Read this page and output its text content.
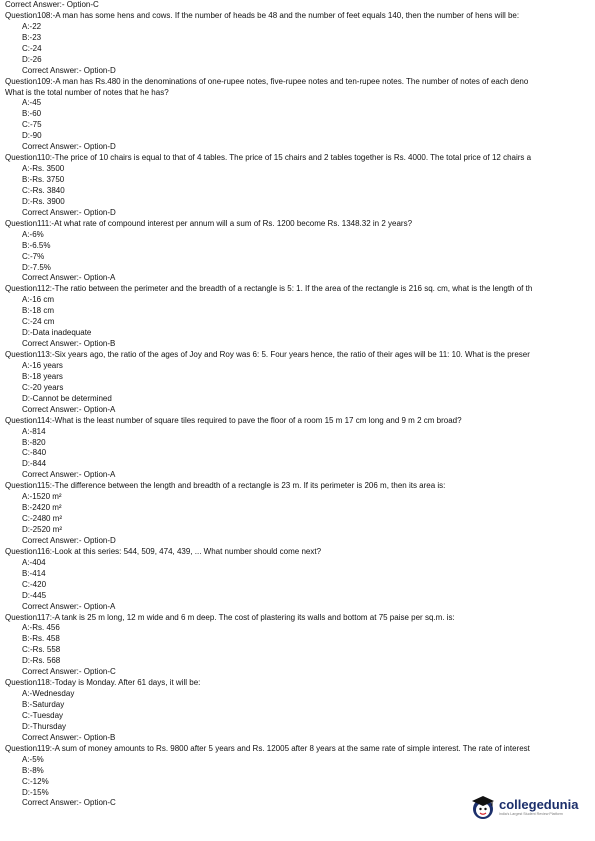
Correct Answer:- Option-C
Question108:-A man has some hens and cows. If the number of heads be 48 and the number of feet equals 140, then the number of hens will be:
A:-22
B:-23
C:-24
D:-26
Correct Answer:- Option-D
Question109:-A man has Rs.480 in the denominations of one-rupee notes, five-rupee notes and ten-rupee notes. The number of notes of each deno
What is the total number of notes that he has?
A:-45
B:-60
C:-75
D:-90
Correct Answer:- Option-D
Question110:-The price of 10 chairs is equal to that of 4 tables. The price of 15 chairs and 2 tables together is Rs. 4000. The total price of 12 chairs a
A:-Rs. 3500
B:-Rs. 3750
C:-Rs. 3840
D:-Rs. 3900
Correct Answer:- Option-D
Question111:-At what rate of compound interest per annum will a sum of Rs. 1200 become Rs. 1348.32 in 2 years?
A:-6%
B:-6.5%
C:-7%
D:-7.5%
Correct Answer:- Option-A
Question112:-The ratio between the perimeter and the breadth of a rectangle is 5: 1. If the area of the rectangle is 216 sq. cm, what is the length of th
A:-16 cm
B:-18 cm
C:-24 cm
D:-Data inadequate
Correct Answer:- Option-B
Question113:-Six years ago, the ratio of the ages of Joy and Roy was 6: 5. Four years hence, the ratio of their ages will be 11: 10. What is the preser
A:-16 years
B:-18 years
C:-20 years
D:-Cannot be determined
Correct Answer:- Option-A
Question114:-What is the least number of square tiles required to pave the floor of a room 15 m 17 cm long and 9 m 2 cm broad?
A:-814
B:-820
C:-840
D:-844
Correct Answer:- Option-A
Question115:-The difference between the length and breadth of a rectangle is 23 m. If its perimeter is 206 m, then its area is:
A:-1520 m²
B:-2420 m²
C:-2480 m²
D:-2520 m²
Correct Answer:- Option-D
Question116:-Look at this series: 544, 509, 474, 439, ... What number should come next?
A:-404
B:-414
C:-420
D:-445
Correct Answer:- Option-A
Question117:-A tank is 25 m long, 12 m wide and 6 m deep. The cost of plastering its walls and bottom at 75 paise per sq.m. is:
A:-Rs. 456
B:-Rs. 458
C:-Rs. 558
D:-Rs. 568
Correct Answer:- Option-C
Question118:-Today is Monday. After 61 days, it will be:
A:-Wednesday
B:-Saturday
C:-Tuesday
D:-Thursday
Correct Answer:- Option-B
Question119:-A sum of money amounts to Rs. 9800 after 5 years and Rs. 12005 after 8 years at the same rate of simple interest. The rate of interest
A:-5%
B:-8%
C:-12%
D:-15%
Correct Answer:- Option-C	collegedunia
India's Largest Student Review Platform
